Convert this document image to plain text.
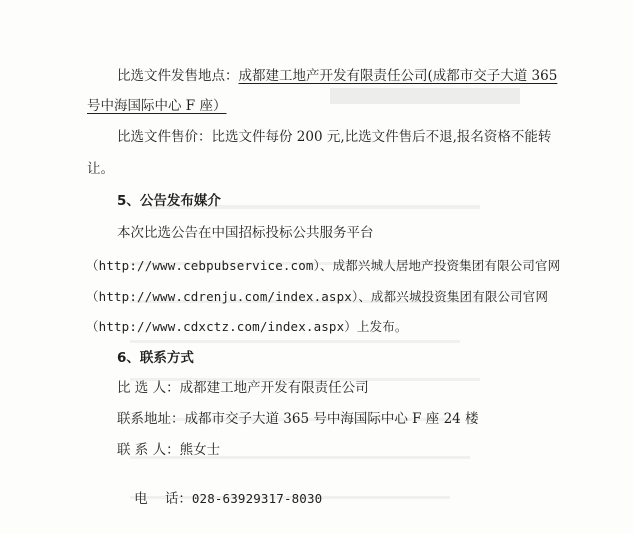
比选文件发售地点：成都建工地产开发有限责任公司(成都市交子大道 365
号中海国际中心 F 座）
比选文件售价：比选文件每份 200 元,比选文件售后不退,报名资格不能转
让。
5、公告发布媒介
本次比选公告在中国招标投标公共服务平台
（http://www.cebpubservice.com）、成都兴城人居地产投资集团有限公司官网
（http://www.cdrenju.com/index.aspx）、成都兴城投资集团有限公司官网
（http://www.cdxctz.com/index.aspx）上发布。
6、联系方式
比 选 人：成都建工地产开发有限责任公司
联系地址：成都市交子大道 365 号中海国际中心 F 座 24 楼
联 系 人：熊女士

电    话：028-63929317-8030
